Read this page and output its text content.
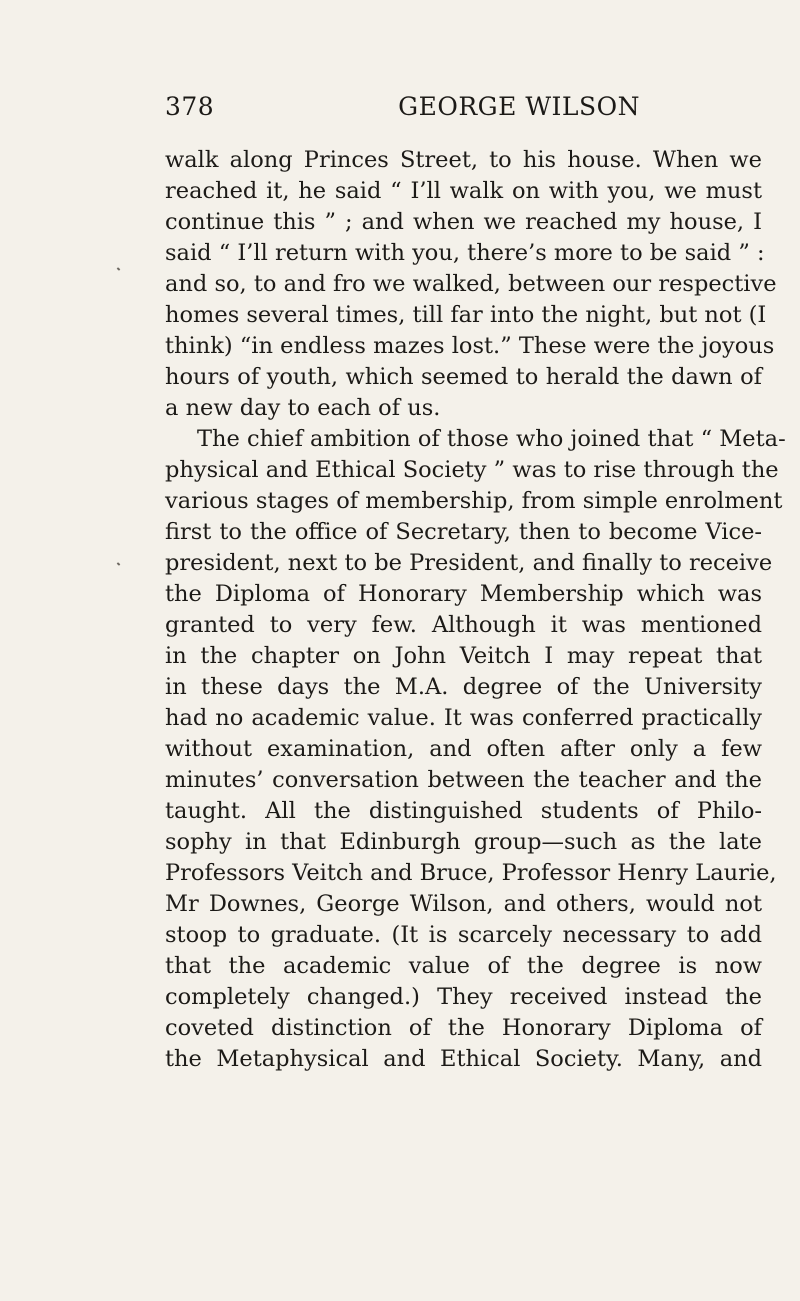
378	GEORGE WILSON
walk along Princes Street, to his house. When we
reached it, he said “ I’ll walk on with you, we must
continue this ” ; and when we reached my house, I
said “ I’ll return with you, there’s more to be said ” :
and so, to and fro we walked, between our respective
homes several times, till far into the night, but not (I
think) “in endless mazes lost.” These were the joyous
hours of youth, which seemed to herald the dawn of
a new day to each of us.
The chief ambition of those who joined that “ Meta-
physical and Ethical Society ” was to rise through the
various stages of membership, from simple enrolment
first to the office of Secretary, then to become Vice-
president, next to be President, and finally to receive
the Diploma of Honorary Membership which was
granted to very few. Although it was mentioned
in the chapter on John Veitch I may repeat that
in these days the M.A. degree of the University
had no academic value. It was conferred practically
without examination, and often after only a few
minutes’ conversation between the teacher and the
taught. All the distinguished students of Philo-
sophy in that Edinburgh group—such as the late
Professors Veitch and Bruce, Professor Henry Laurie,
Mr Downes, George Wilson, and others, would not
stoop to graduate. (It is scarcely necessary to add
that the academic value of the degree is now
completely changed.) They received instead the
coveted distinction of the Honorary Diploma of
the Metaphysical and Ethical Society. Many, and
